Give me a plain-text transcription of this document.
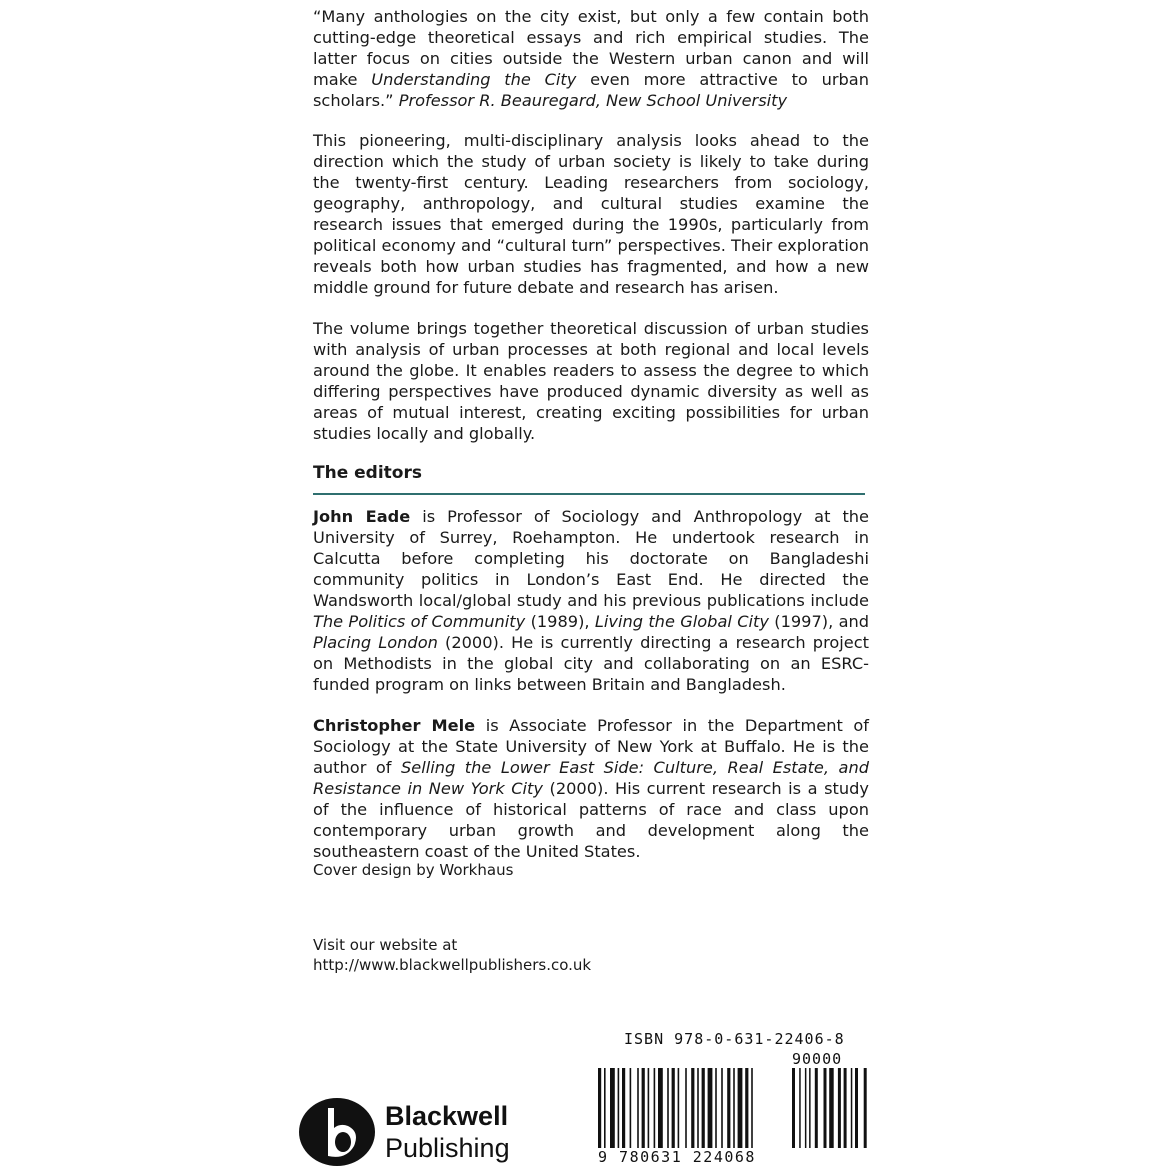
“Many anthologies on the city exist, but only a few contain both cutting-edge theoretical essays and rich empirical studies. The latter focus on cities outside the Western urban canon and will make Understanding the City even more attractive to urban scholars.” Professor R. Beauregard, New School University

This pioneering, multi-disciplinary analysis looks ahead to the direction which the study of urban society is likely to take during the twenty-first century. Leading researchers from sociology, geography, anthropology, and cultural studies examine the research issues that emerged during the 1990s, particularly from political economy and “cultural turn” perspectives. Their exploration reveals both how urban studies has fragmented, and how a new middle ground for future debate and research has arisen.

The volume brings together theoretical discussion of urban studies with analysis of urban processes at both regional and local levels around the globe. It enables readers to assess the degree to which differing perspectives have produced dynamic diversity as well as areas of mutual interest, creating exciting possibilities for urban studies locally and globally.

The editors

John Eade is Professor of Sociology and Anthropology at the University of Surrey, Roehampton. He undertook research in Calcutta before completing his doctorate on Bangladeshi community politics in London’s East End. He directed the Wandsworth local/global study and his previous publications include The Politics of Community (1989), Living the Global City (1997), and Placing London (2000). He is currently directing a research project on Methodists in the global city and collaborating on an ESRC-funded program on links between Britain and Bangladesh.

Christopher Mele is Associate Professor in the Department of Sociology at the State University of New York at Buffalo. He is the author of Selling the Lower East Side: Culture, Real Estate, and Resistance in New York City (2000). His current research is a study of the influence of historical patterns of race and class upon contemporary urban growth and development along the southeastern coast of the United States.

Cover design by Workhaus

Visit our website at
http://www.blackwellpublishers.co.uk
Blackwell
Publishing
ISBN 978-0-631-22406-8
90000
9 780631 224068
